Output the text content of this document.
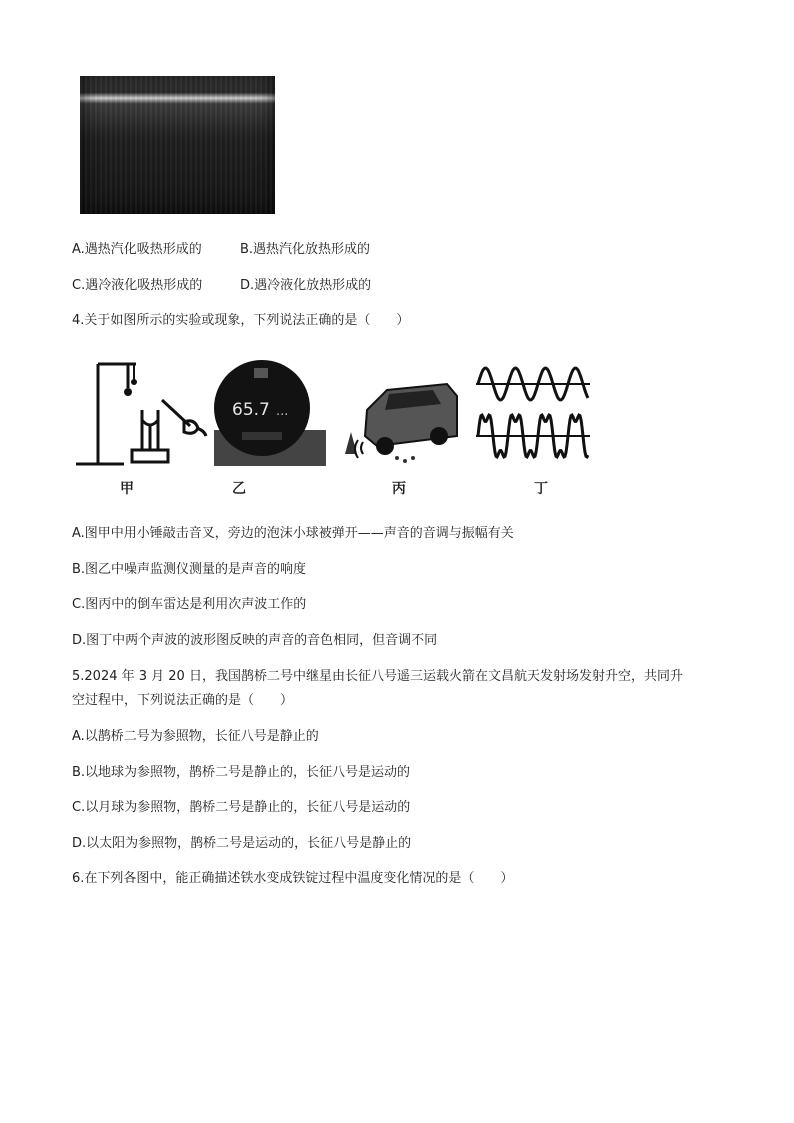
A.遇热汽化吸热形成的	B.遇热汽化放热形成的
C.遇冷液化吸热形成的	D.遇冷液化放热形成的
4.关于如图所示的实验或现象，下列说法正确的是（　　）
甲
65.7 ...
乙	丙	丁
A.图甲中用小锤敲击音叉，旁边的泡沫小球被弹开——声音的音调与振幅有关
B.图乙中噪声监测仪测量的是声音的响度
C.图丙中的倒车雷达是利用次声波工作的
D.图丁中两个声波的波形图反映的声音的音色相同，但音调不同
5.2024 年 3 月 20 日，我国鹊桥二号中继星由长征八号遥三运载火箭在文昌航天发射场发射升空，共同升
空过程中，下列说法正确的是（　　）
A.以鹊桥二号为参照物，长征八号是静止的
B.以地球为参照物，鹊桥二号是静止的，长征八号是运动的
C.以月球为参照物，鹊桥二号是静止的，长征八号是运动的
D.以太阳为参照物，鹊桥二号是运动的，长征八号是静止的
6.在下列各图中，能正确描述铁水变成铁锭过程中温度变化情况的是（　　）
